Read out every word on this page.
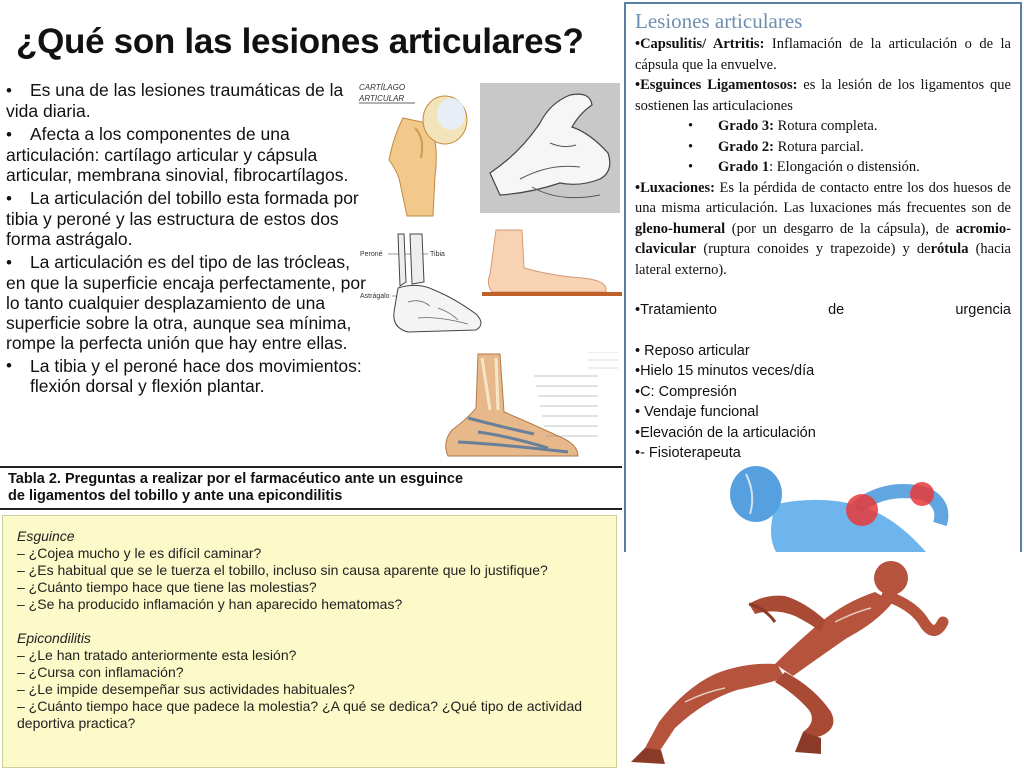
¿Qué son las lesiones articulares?
• Es una de las lesiones traumáticas de la vida diaria.
• Afecta a los componentes de una articulación: cartílago articular y cápsula articular, membrana sinovial, fibrocartílagos.
• La articulación del tobillo esta formada por tibia y peroné y las estructura de estos dos forma astrágalo.
• La articulación es del tipo de las trócleas, en que la superficie encaja perfectamente, por lo tanto cualquier desplazamiento de una superficie sobre la otra, aunque sea mínima, rompe la perfecta unión que hay entre ellas.
• La tibia y el peroné hace dos movimientos: flexión dorsal y flexión plantar.
CARTÍLAGO
ARTICULAR
Peroné	Tibia
Astrágalo
Tabla 2. Preguntas a realizar por el farmacéutico ante un esguince
de ligamentos del tobillo y ante una epicondilitis
Esguince
– ¿Cojea mucho y le es difícil caminar?
– ¿Es habitual que se le tuerza el tobillo, incluso sin causa aparente que lo justifique?
– ¿Cuánto tiempo hace que tiene las molestias?
– ¿Se ha producido inflamación y han aparecido hematomas?
Epicondilitis
– ¿Le han tratado anteriormente esta lesión?
– ¿Cursa con inflamación?
– ¿Le impide desempeñar sus actividades habituales?
– ¿Cuánto tiempo hace que padece la molestia? ¿A qué se dedica? ¿Qué tipo de actividad deportiva practica?
Lesiones articulares

•Capsulitis/ Artritis: Inflamación de la articulación o de la cápsula que la envuelve.

•Esguinces Ligamentosos: es la lesión de los ligamentos que sostienen las articulaciones

• Grado 3: Rotura completa.

• Grado 2: Rotura parcial.

• Grado 1: Elongación o distensión.

•Luxaciones: Es la pérdida de contacto entre los dos huesos de una misma articulación. Las luxaciones más frecuentes son de gleno-humeral (por un desgarro de la cápsula), de acromio-clavicular (ruptura conoides y trapezoide) y derótula (hacia lateral externo).

•Tratamiento	de	urgencia
• Reposo articular
•Hielo 15 minutos veces/día
•C: Compresión
• Vendaje funcional
•Elevación de la articulación
•- Fisioterapeuta
